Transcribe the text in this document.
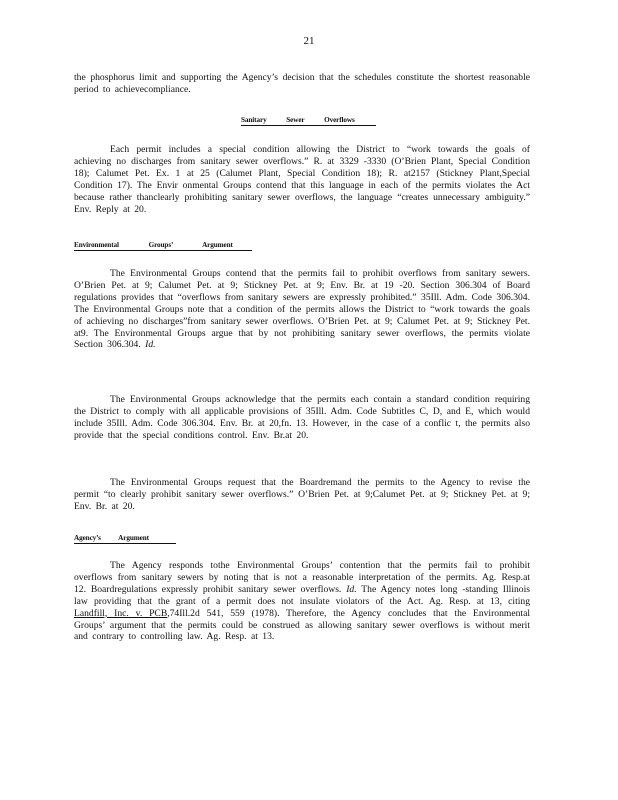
21
the phosphorus limit and supporting the Agency’s decision that the schedules constitute the shortest reasonable period to achievecompliance.
Sanitary Sewer Overflows
Each permit includes a special condition allowing the District to “work towards the goals of achieving no discharges from sanitary sewer overflows.” R. at 3329 -3330 (O’Brien Plant, Special Condition 18); Calumet Pet. Ex. 1 at 25 (Calumet Plant, Special Condition 18); R. at2157 (Stickney Plant,Special Condition 17). The Envir onmental Groups contend that this language in each of the permits violates the Act because rather thanclearly prohibiting sanitary sewer overflows, the language “creates unnecessary ambiguity.” Env. Reply at 20.
Environmental Groups’ Argument
The Environmental Groups contend that the permits fail to prohibit overflows from sanitary sewers. O’Brien Pet. at 9; Calumet Pet. at 9; Stickney Pet. at 9; Env. Br. at 19 -20. Section 306.304 of Board regulations provides that “overflows from sanitary sewers are expressly prohibited.” 35Ill. Adm. Code 306.304. The Environmental Groups note that a condition of the permits allows the District to “work towards the goals of achieving no discharges”from sanitary sewer overflows. O’Brien Pet. at 9; Calumet Pet. at 9; Stickney Pet. at9. The Environmental Groups argue that by not prohibiting sanitary sewer overflows, the permits violate Section 306.304. Id.
The Environmental Groups acknowledge that the permits each contain a standard condition requiring the District to comply with all applicable provisions of 35Ill. Adm. Code Subtitles C, D, and E, which would include 35Ill. Adm. Code 306.304. Env. Br. at 20,fn. 13. However, in the case of a conflic t, the permits also provide that the special conditions control. Env. Br.at 20.
The Environmental Groups request that the Boardremand the permits to the Agency to revise the permit “to clearly prohibit sanitary sewer overflows.” O’Brien Pet. at 9;Calumet Pet. at 9; Stickney Pet. at 9; Env. Br. at 20.
Agency’s Argument
The Agency responds tothe Environmental Groups’ contention that the permits fail to prohibit overflows from sanitary sewers by noting that is not a reasonable interpretation of the permits. Ag. Resp.at 12. Boardregulations expressly prohibit sanitary sewer overflows. Id. The Agency notes long -standing Illinois law providing that the grant of a permit does not insulate violators of the Act. Ag. Resp. at 13, citing Landfill, Inc. v. PCB,74Ill.2d 541, 559 (1978). Therefore, the Agency concludes that the Environmental Groups’ argument that the permits could be construed as allowing sanitary sewer overflows is without merit and contrary to controlling law. Ag. Resp. at 13.
